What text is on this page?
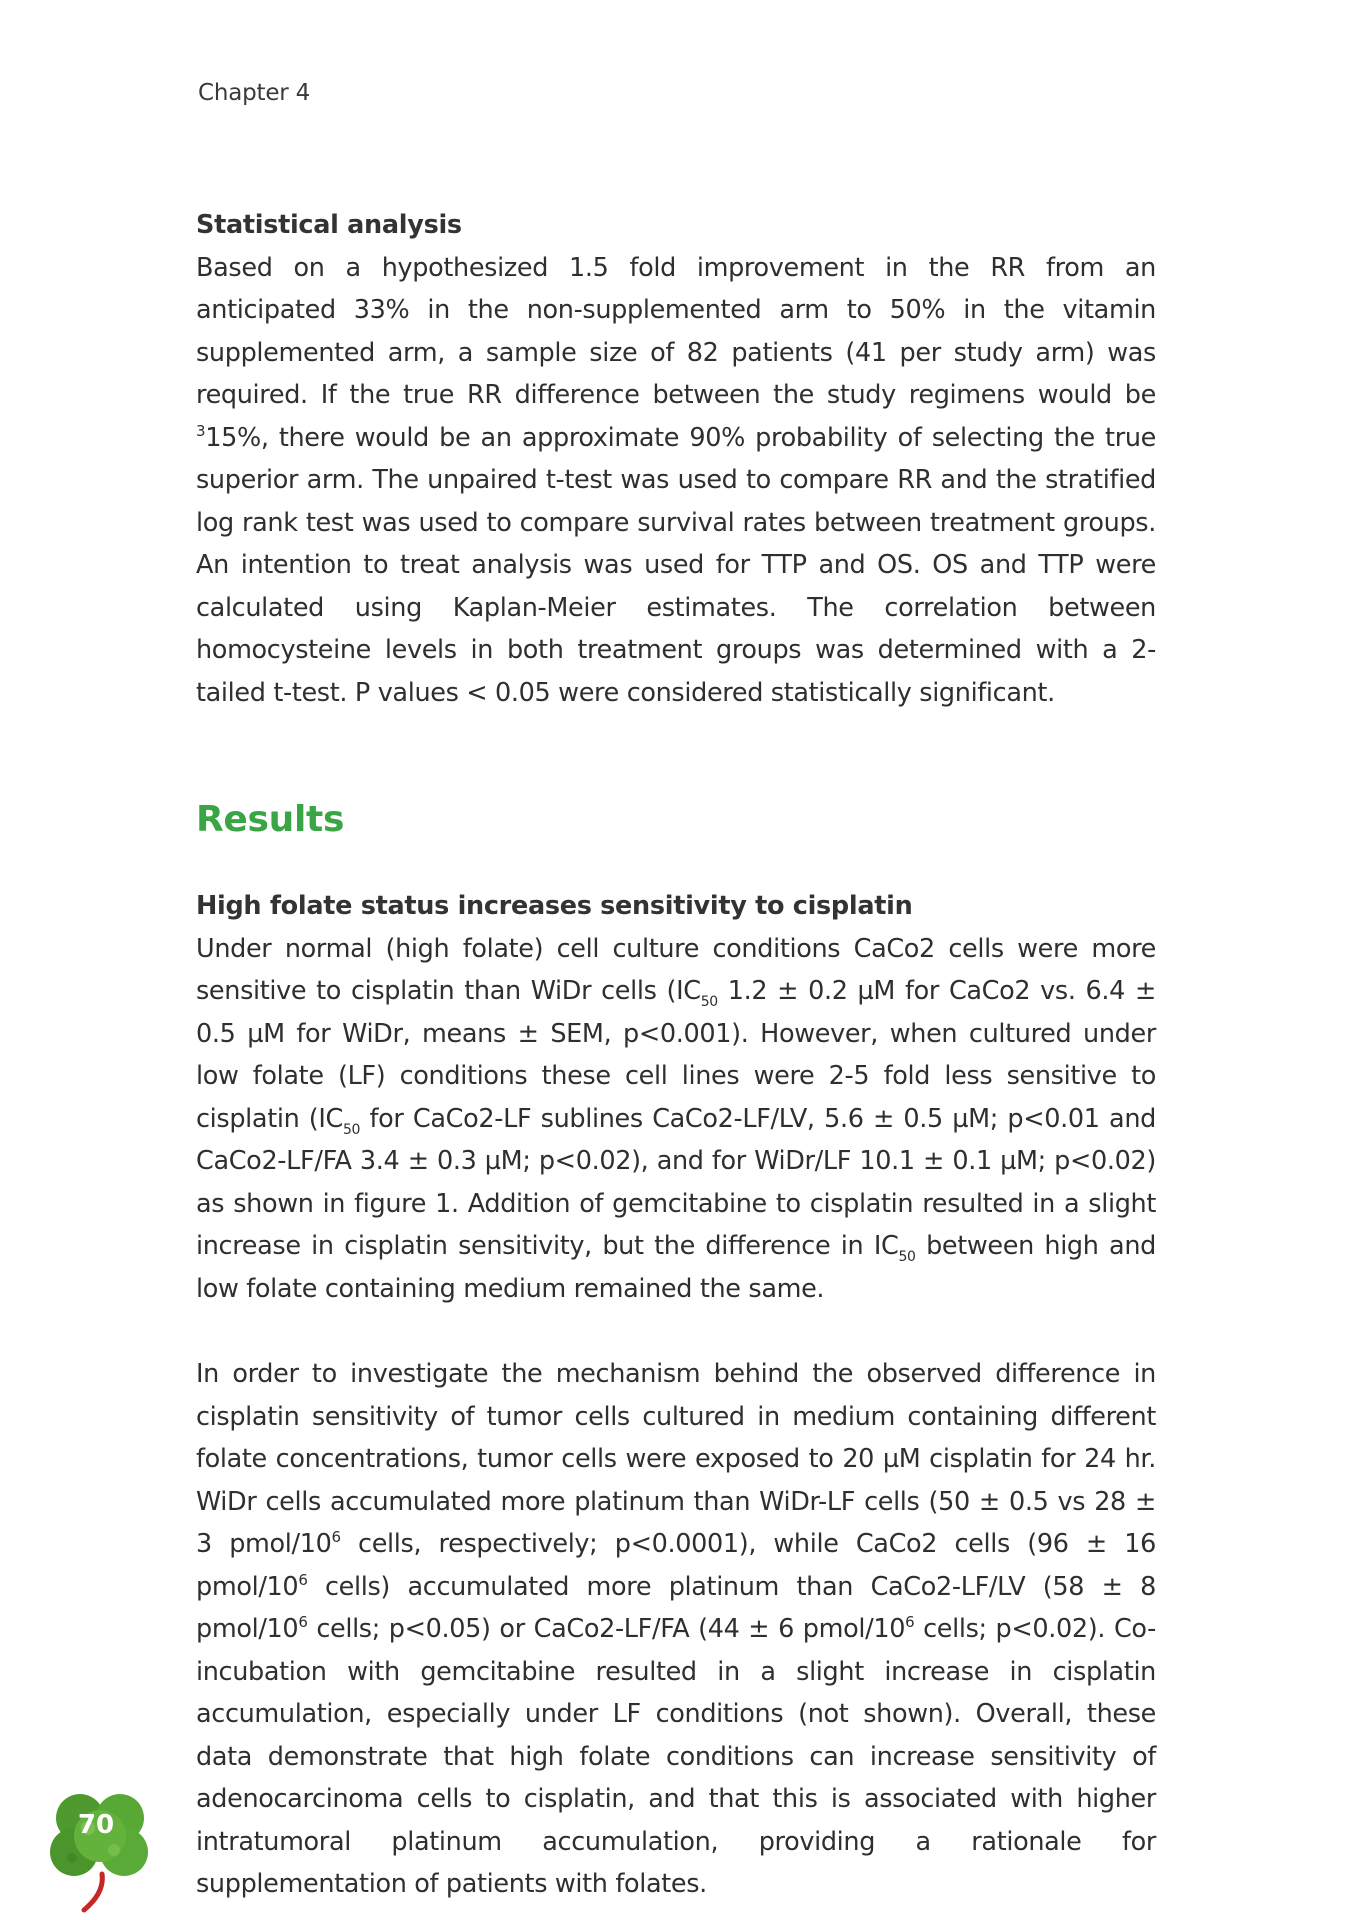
Chapter 4
Statistical analysis

Based on a hypothesized 1.5 fold improvement in the RR from an anticipated 33% in the non-supplemented arm to 50% in the vitamin supplemented arm, a sample size of 82 patients (41 per study arm) was required. If the true RR difference between the study regimens would be $^3$15%, there would be an approximate 90% probability of selecting the true superior arm. The unpaired t-test was used to compare RR and the stratified log rank test was used to compare survival rates between treatment groups. An intention to treat analysis was used for TTP and OS. OS and TTP were calculated using Kaplan-Meier estimates. The correlation between homocysteine levels in both treatment groups was determined with a 2-tailed t-test. P values < 0.05 were considered statistically significant.

Results
High folate status increases sensitivity to cisplatin

Under normal (high folate) cell culture conditions CaCo2 cells were more sensitive to cisplatin than WiDr cells ($IC_{50}$ 1.2 ± 0.2 µM for CaCo2 vs. 6.4 ± 0.5 µM for WiDr, means ± SEM, p<0.001). However, when cultured under low folate (LF) conditions these cell lines were 2-5 fold less sensitive to cisplatin ($IC_{50}$ for CaCo2-LF sublines CaCo2-LF/LV, 5.6 ± 0.5 µM; p<0.01 and CaCo2-LF/FA 3.4 ± 0.3 µM; p<0.02), and for WiDr/LF 10.1 ± 0.1 µM; p<0.02) as shown in figure 1. Addition of gemcitabine to cisplatin resulted in a slight increase in cisplatin sensitivity, but the difference in $IC_{50}$ between high and low folate containing medium remained the same.

In order to investigate the mechanism behind the observed difference in cisplatin sensitivity of tumor cells cultured in medium containing different folate concentrations, tumor cells were exposed to 20 µM cisplatin for 24 hr. WiDr cells accumulated more platinum than WiDr-LF cells (50 ± 0.5 vs 28 ± 3 pmol/$10^6$ cells, respectively; p<0.0001), while CaCo2 cells (96 ± 16 pmol/$10^6$ cells) accumulated more platinum than CaCo2-LF/LV (58 ± 8 pmol/$10^6$ cells; p<0.05) or CaCo2-LF/FA (44 ± 6 pmol/$10^6$ cells; p<0.02). Co-incubation with gemcitabine resulted in a slight increase in cisplatin accumulation, especially under LF conditions (not shown). Overall, these data demonstrate that high folate conditions can increase sensitivity of adenocarcinoma cells to cisplatin, and that this is associated with higher intratumoral platinum accumulation, providing a rationale for supplementation of patients with folates.

70
